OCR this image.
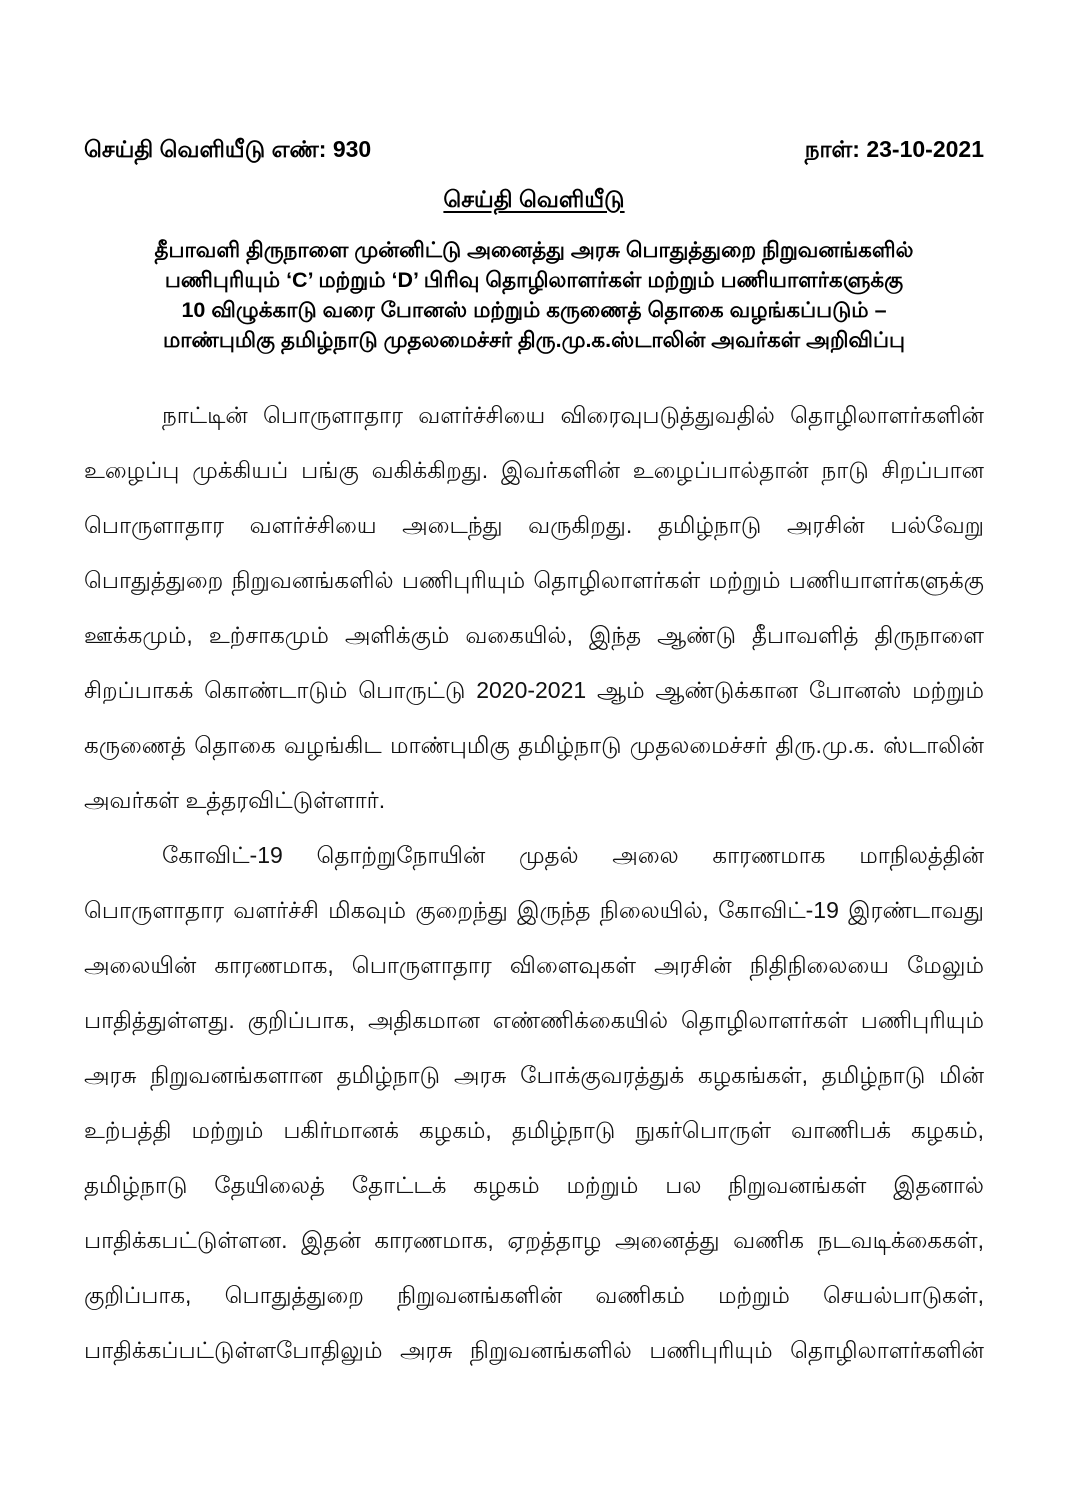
செய்தி வெளியீடு எண்: 930	நாள்: 23-10-2021
செய்தி வெளியீடு
தீபாவளி திருநாளை முன்னிட்டு அனைத்து அரசு பொதுத்துறை நிறுவனங்களில்
பணிபுரியும் ‘C’ மற்றும் ‘D’ பிரிவு தொழிலாளர்கள் மற்றும் பணியாளர்களுக்கு
10 விழுக்காடு வரை போனஸ் மற்றும் கருணைத் தொகை வழங்கப்படும் –
மாண்புமிகு தமிழ்நாடு முதலமைச்சர் திரு.மு.க.ஸ்டாலின் அவர்கள் அறிவிப்பு
நாட்டின் பொருளாதார வளர்ச்சியை விரைவுபடுத்துவதில் தொழிலாளர்களின்
உழைப்பு முக்கியப் பங்கு வகிக்கிறது. இவர்களின் உழைப்பால்தான் நாடு சிறப்பான
பொருளாதார வளர்ச்சியை அடைந்து வருகிறது. தமிழ்நாடு அரசின் பல்வேறு
பொதுத்துறை நிறுவனங்களில் பணிபுரியும் தொழிலாளர்கள் மற்றும் பணியாளர்களுக்கு
ஊக்கமும், உற்சாகமும் அளிக்கும் வகையில், இந்த ஆண்டு தீபாவளித் திருநாளை
சிறப்பாகக் கொண்டாடும் பொருட்டு 2020-2021 ஆம் ஆண்டுக்கான போனஸ் மற்றும்
கருணைத் தொகை வழங்கிட மாண்புமிகு தமிழ்நாடு முதலமைச்சர் திரு.மு.க. ஸ்டாலின்
அவர்கள் உத்தரவிட்டுள்ளார்.
கோவிட்-19 தொற்றுநோயின் முதல் அலை காரணமாக மாநிலத்தின்
பொருளாதார வளர்ச்சி மிகவும் குறைந்து இருந்த நிலையில், கோவிட்-19 இரண்டாவது
அலையின் காரணமாக, பொருளாதார விளைவுகள் அரசின் நிதிநிலையை மேலும்
பாதித்துள்ளது. குறிப்பாக, அதிகமான எண்ணிக்கையில் தொழிலாளர்கள் பணிபுரியும்
அரசு நிறுவனங்களான தமிழ்நாடு அரசு போக்குவரத்துக் கழகங்கள், தமிழ்நாடு மின்
உற்பத்தி மற்றும் பகிர்மானக் கழகம், தமிழ்நாடு நுகர்பொருள் வாணிபக் கழகம்,
தமிழ்நாடு தேயிலைத் தோட்டக் கழகம் மற்றும் பல நிறுவனங்கள் இதனால்
பாதிக்கபட்டுள்ளன. இதன் காரணமாக, ஏறத்தாழ அனைத்து வணிக நடவடிக்கைகள்,
குறிப்பாக, பொதுத்துறை நிறுவனங்களின் வணிகம் மற்றும் செயல்பாடுகள்,
பாதிக்கப்பட்டுள்ளபோதிலும் அரசு நிறுவனங்களில் பணிபுரியும் தொழிலாளர்களின்
